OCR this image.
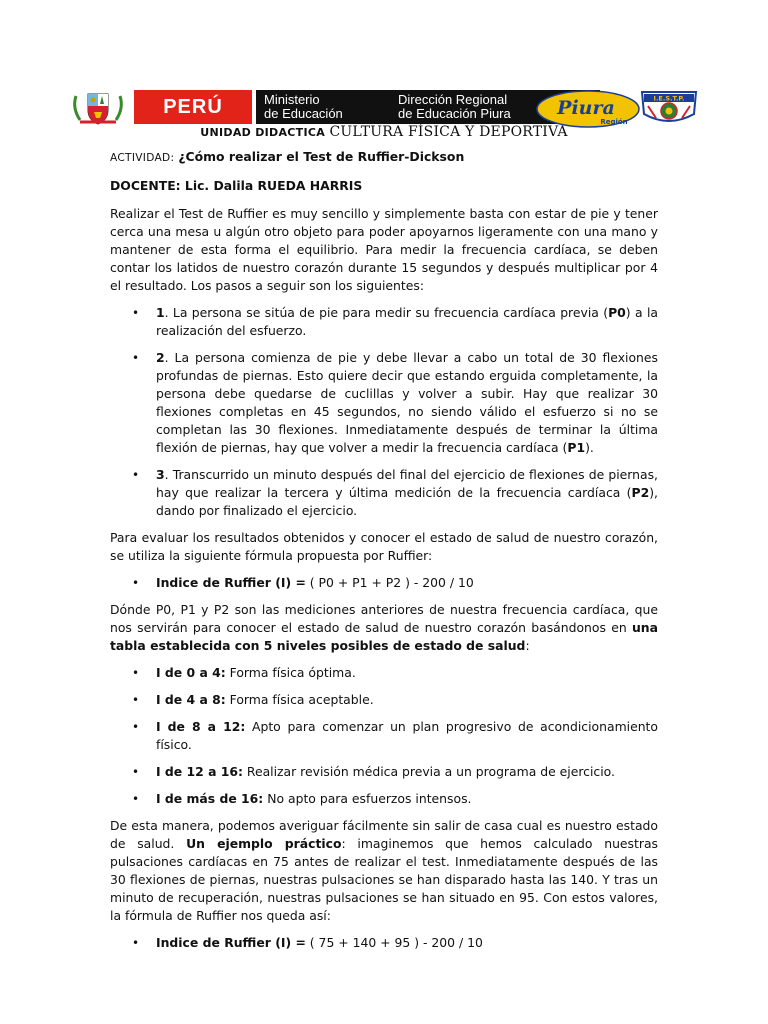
PERÚ	Ministerio
de Educación
Dirección Regional
de Educación Piura	Piura
Región
I.E.S.T.P.
UNIDAD DIDACTICA CULTURA FÍSICA Y DEPORTIVA
ACTIVIDAD: ¿Cómo realizar el Test de Ruffier-Dickson
DOCENTE: Lic. Dalila RUEDA HARRIS

Realizar el Test de Ruffier es muy sencillo y simplemente basta con estar de pie y tener cerca una mesa u algún otro objeto para poder apoyarnos ligeramente con una mano y mantener de esta forma el equilibrio. Para medir la frecuencia cardíaca, se deben contar los latidos de nuestro corazón durante 15 segundos y después multiplicar por 4 el resultado. Los pasos a seguir son los siguientes:

• 1. La persona se sitúa de pie para medir su frecuencia cardíaca previa (P0) a la realización del esfuerzo.
• 2. La persona comienza de pie y debe llevar a cabo un total de 30 flexiones profundas de piernas. Esto quiere decir que estando erguida completamente, la persona debe quedarse de cuclillas y volver a subir. Hay que realizar 30 flexiones completas en 45 segundos, no siendo válido el esfuerzo si no se completan las 30 flexiones. Inmediatamente después de terminar la última flexión de piernas, hay que volver a medir la frecuencia cardíaca (P1).
• 3. Transcurrido un minuto después del final del ejercicio de flexiones de piernas, hay que realizar la tercera y última medición de la frecuencia cardíaca (P2), dando por finalizado el ejercicio.

Para evaluar los resultados obtenidos y conocer el estado de salud de nuestro corazón, se utiliza la siguiente fórmula propuesta por Ruffier:

• Indice de Ruffier (I) = ( P0 + P1 + P2 ) - 200 / 10

Dónde P0, P1 y P2 son las mediciones anteriores de nuestra frecuencia cardíaca, que nos servirán para conocer el estado de salud de nuestro corazón basándonos en una tabla establecida con 5 niveles posibles de estado de salud:

• I de 0 a 4: Forma física óptima.
• I de 4 a 8: Forma física aceptable.
• I de 8 a 12: Apto para comenzar un plan progresivo de acondicionamiento físico.
• I de 12 a 16: Realizar revisión médica previa a un programa de ejercicio.
• I de más de 16: No apto para esfuerzos intensos.

De esta manera, podemos averiguar fácilmente sin salir de casa cual es nuestro estado de salud. Un ejemplo práctico: imaginemos que hemos calculado nuestras pulsaciones cardíacas en 75 antes de realizar el test. Inmediatamente después de las 30 flexiones de piernas, nuestras pulsaciones se han disparado hasta las 140. Y tras un minuto de recuperación, nuestras pulsaciones se han situado en 95. Con estos valores, la fórmula de Ruffier nos queda así:

• Indice de Ruffier (I) = ( 75 + 140 + 95 ) - 200 / 10
